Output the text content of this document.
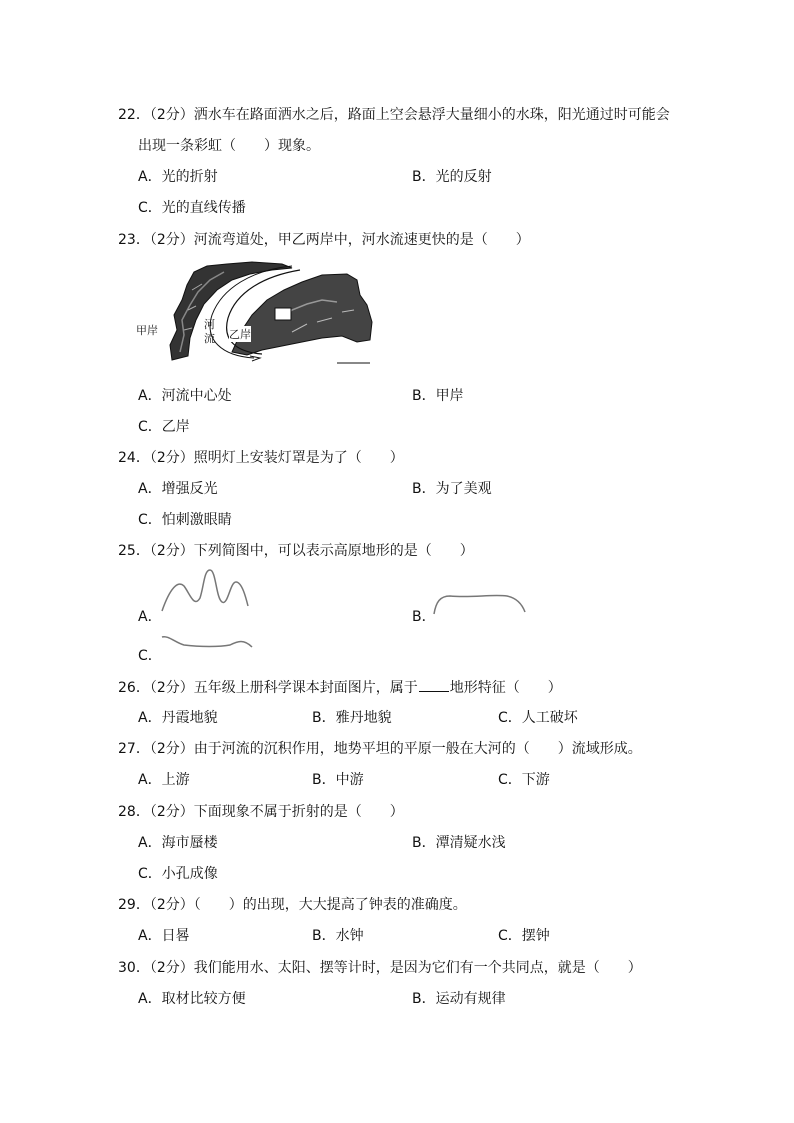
22．（2分）洒水车在路面洒水之后，路面上空会悬浮大量细小的水珠，阳光通过时可能会
出现一条彩虹（　　）现象。
A．光的折射	B．光的反射
C．光的直线传播
23．（2分）河流弯道处，甲乙两岸中，河水流速更快的是（　　）
甲岸	河
流 乙岸
A．河流中心处	B．甲岸
C．乙岸
24．（2分）照明灯上安装灯罩是为了（　　）
A．增强反光	B．为了美观
C．怕刺激眼睛
25．（2分）下列简图中，可以表示高原地形的是（　　）
A．	B．
C．
26．（2分）五年级上册科学课本封面图片，属于 地形特征（　　）
A．丹霞地貌	B．雅丹地貌	C．人工破坏
27．（2分）由于河流的沉积作用，地势平坦的平原一般在大河的（　　）流域形成。
A．上游	B．中游	C．下游
28．（2分）下面现象不属于折射的是（　　）
A．海市蜃楼	B．潭清疑水浅
C．小孔成像
29．（2分）（　　）的出现，大大提高了钟表的准确度。
A．日晷	B．水钟	C．摆钟
30．（2分）我们能用水、太阳、摆等计时，是因为它们有一个共同点，就是（　　）
A．取材比较方便	B．运动有规律
